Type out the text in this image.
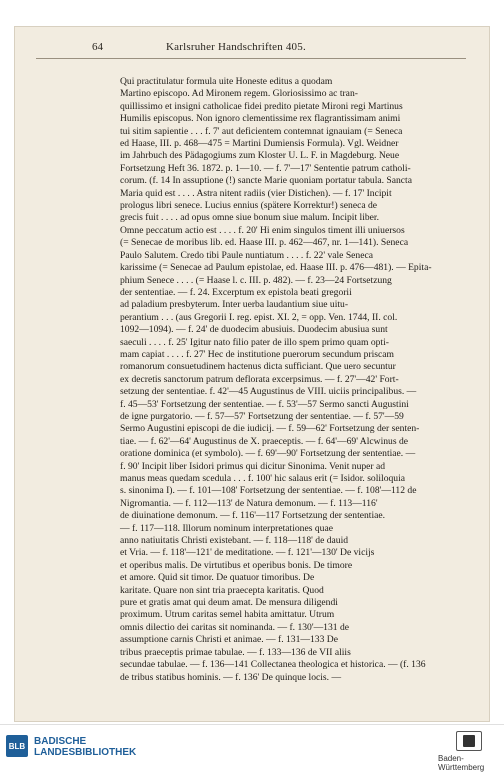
64	Karlsruher Handschriften 405.

Qui practitulatur formula uite Honeste editus a quodam

Martino episcopo. Ad Mironem regem. Gloriosissimo ac tran-

quillissimo et insigni catholicae fidei predito pietate Mironi regi Martinus

Humilis episcopus. Non ignoro clementissime rex flagrantissimam animi

tui sitim sapientie . . . f. 7' aut deficientem contemnat ignauiam (= Seneca

ed Haase, III. p. 468—475 = Martini Dumiensis Formula). Vgl. Weidner

im Jahrbuch des Pädagogiums zum Kloster U. L. F. in Magdeburg. Neue

Fortsetzung Heft 36. 1872. p. 1—10. — f. 7'—17' Sententie patrum catholi-

corum. (f. 14 In assuptione (!) sancte Marie quoniam portatur tabula. Sancta

Maria quid est . . . . Astra nitent radiis (vier Distichen). — f. 17' Incipit

prologus libri senece. Lucius ennius (spätere Korrektur!) seneca de

grecis fuit . . . . ad opus omne siue bonum siue malum. Incipit liber.

Omne peccatum actio est . . . . f. 20' Hi enim singulos timent illi uniuersos

(= Senecae de moribus lib. ed. Haase III. p. 462—467, nr. 1—141). Seneca

Paulo Salutem. Credo tibi Paule nuntiatum . . . . f. 22' vale Seneca

karissime (= Senecae ad Paulum epistolae, ed. Haase III. p. 476—481). — Epita-

phium Senece . . . . (= Haase l. c. III. p. 482). — f. 23—24 Fortsetzung

der sententiae. — f. 24. Excerptum ex epistola beati gregorii

ad paladium presbyterum. Inter uerba laudantium siue uitu-

perantium . . . (aus Gregorii I. reg. epist. XI. 2, = opp. Ven. 1744, II. col.

1092—1094). — f. 24' de duodecim abusiuis. Duodecim abusiua sunt

saeculi . . . . f. 25' Igitur nato filio pater de illo spem primo quam opti-

mam capiat . . . . f. 27' Hec de institutione puerorum secundum priscam

romanorum consuetudinem hactenus dicta sufficiant. Que uero secuntur

ex decretis sanctorum patrum deflorata excerpsimus. — f. 27'—42' Fort-

setzung der sententiae. f. 42'—45 Augustinus de VIII. uiciis principalibus. —

f. 45—53' Fortsetzung der sententiae. — f. 53'—57 Sermo sancti Augustini

de igne purgatorio. — f. 57—57' Fortsetzung der sententiae. — f. 57'—59

Sermo Augustini episcopi de die iudicij. — f. 59—62' Fortsetzung der senten-

tiae. — f. 62'—64' Augustinus de X. praeceptis. — f. 64'—69' Alcwinus de

oratione dominica (et symbolo). — f. 69'—90' Fortsetzung der sententiae. —

f. 90' Incipit liber Isidori primus qui dicitur Sinonima. Venit nuper ad

manus meas quedam scedula . . . f. 100' hic salaus erit (= Isidor. soliloquia

s. sinonima I). — f. 101—108' Fortsetzung der sententiae. — f. 108'—112 de

Nigromantia. — f. 112—113' de Natura demonum. — f. 113—116'

de diuinatione demonum. — f. 116'—117 Fortsetzung der sententiae.

— f. 117—118. Illorum nominum interpretationes quae

anno natiuitatis Christi existebant. — f. 118—118' de dauid

et Vria. — f. 118'—121' de meditatione. — f. 121'—130' De vicijs

et operibus malis. De virtutibus et operibus bonis. De timore

et amore. Quid sit timor. De quatuor timoribus. De

karitate. Quare non sint tria praecepta karitatis. Quod

pure et gratis amat qui deum amat. De mensura diligendi

proximum. Utrum caritas semel habita amittatur. Utrum

omnis dilectio dei caritas sit nominanda. — f. 130'—131 de

assumptione carnis Christi et animae. — f. 131—133 De

tribus praeceptis primae tabulae. — f. 133—136 de VII aliis

secundae tabulae. — f. 136—141 Collectanea theologica et historica. — (f. 136

de tribus statibus hominis. — f. 136' De quinque locis. —

BLB BADISCHE
LANDESBIBLIOTHEK
Baden-Württemberg
